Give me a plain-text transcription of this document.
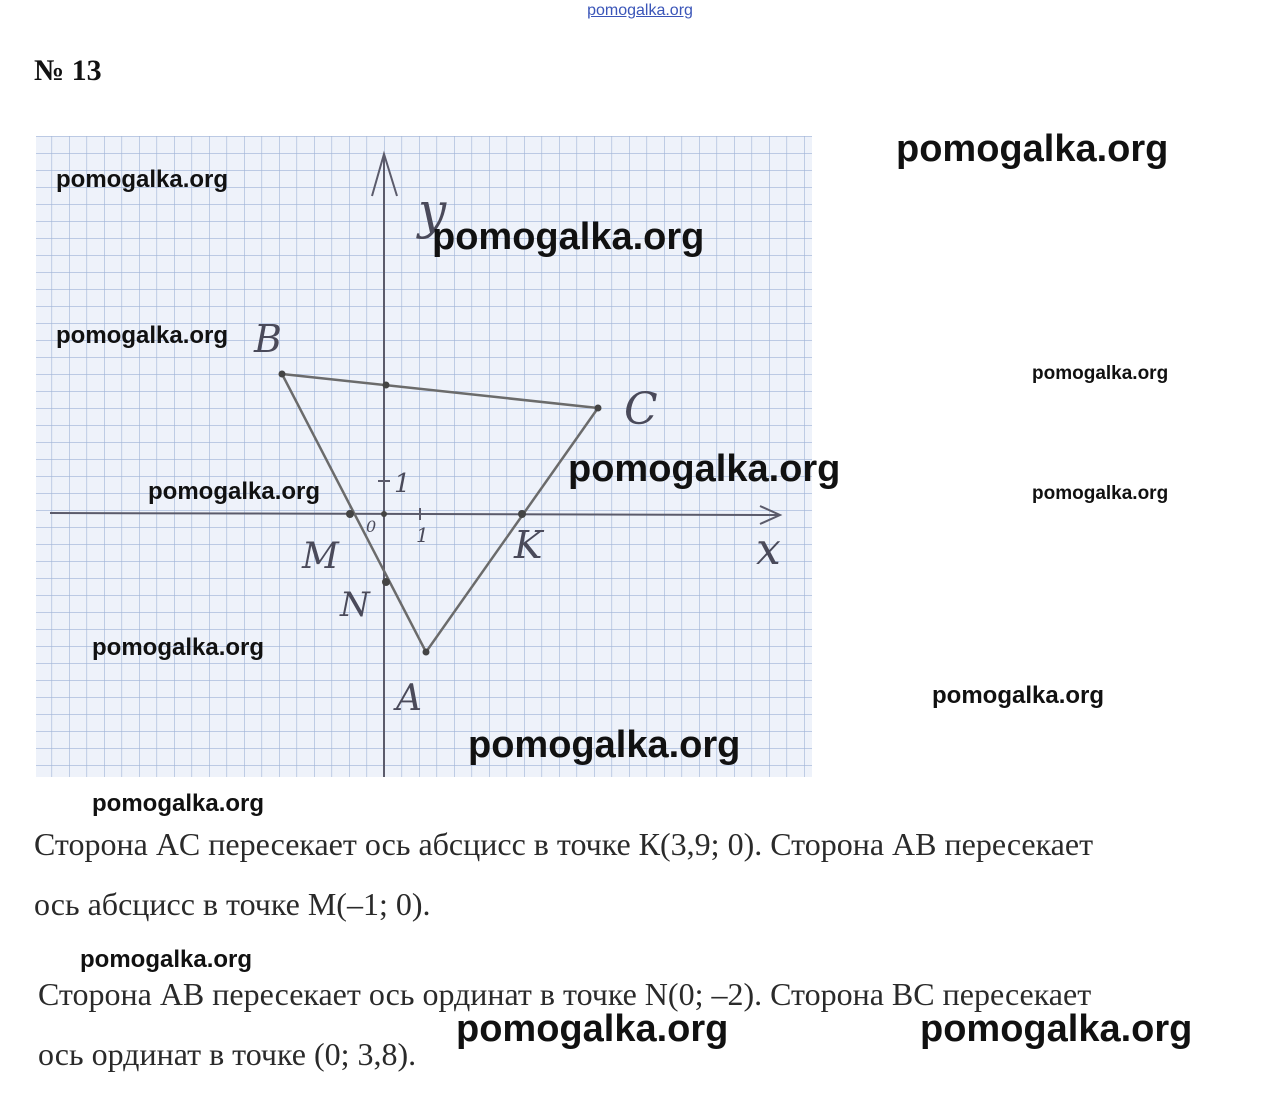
pomogalka.org
№ 13
y
x
0 1
1
B
C
A
K
M
N
Сторона AC пересекает ось абсцисс в точке К(3,9; 0). Сторона AB пересекает
ось абсцисс в точке М(–1; 0).
Сторона AB пересекает ось ординат в точке N(0; –2). Сторона BC пересекает
ось ординат в точке (0; 3,8).
pomogalka.org
pomogalka.org
pomogalka.org
pomogalka.org
pomogalka.org
pomogalka.org
pomogalka.org	pomogalka.org
pomogalka.org
pomogalka.org
pomogalka.org
pomogalka.org
pomogalka.org
pomogalka.org	pomogalka.org
